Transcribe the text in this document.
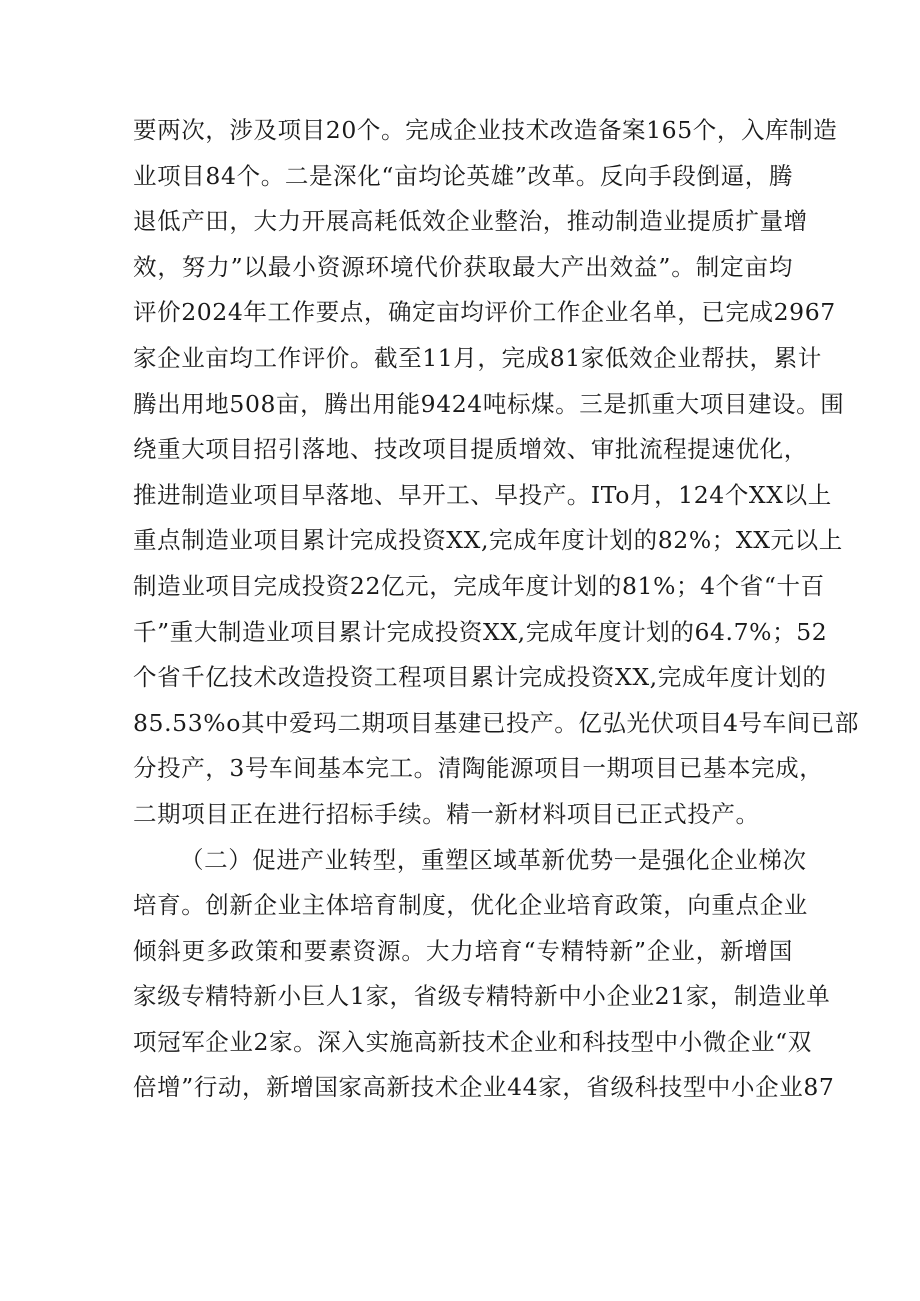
要两次，涉及项目20个。完成企业技术改造备案165个，入库制造
业项目84个。二是深化“亩均论英雄”改革。反向手段倒逼，腾
退低产田，大力开展高耗低效企业整治，推动制造业提质扩量增
效，努力”以最小资源环境代价获取最大产出效益”。制定亩均
评价2024年工作要点，确定亩均评价工作企业名单，已完成2967
家企业亩均工作评价。截至11月，完成81家低效企业帮扶，累计
腾出用地508亩，腾出用能9424吨标煤。三是抓重大项目建设。围
绕重大项目招引落地、技改项目提质增效、审批流程提速优化，
推进制造业项目早落地、早开工、早投产。ITo月，124个XX以上
重点制造业项目累计完成投资XX,完成年度计划的82%；XX元以上
制造业项目完成投资22亿元，完成年度计划的81%；4个省“十百
千”重大制造业项目累计完成投资XX,完成年度计划的64.7%；52
个省千亿技术改造投资工程项目累计完成投资XX,完成年度计划的
85.53%o其中爱玛二期项目基建已投产。亿弘光伏项目4号车间已部
分投产，3号车间基本完工。清陶能源项目一期项目已基本完成，
二期项目正在进行招标手续。精一新材料项目已正式投产。
（二）促进产业转型，重塑区域革新优势一是强化企业梯次
培育。创新企业主体培育制度，优化企业培育政策，向重点企业
倾斜更多政策和要素资源。大力培育“专精特新”企业，新增国
家级专精特新小巨人1家，省级专精特新中小企业21家，制造业单
项冠军企业2家。深入实施高新技术企业和科技型中小微企业“双
倍增”行动，新增国家高新技术企业44家，省级科技型中小企业87
